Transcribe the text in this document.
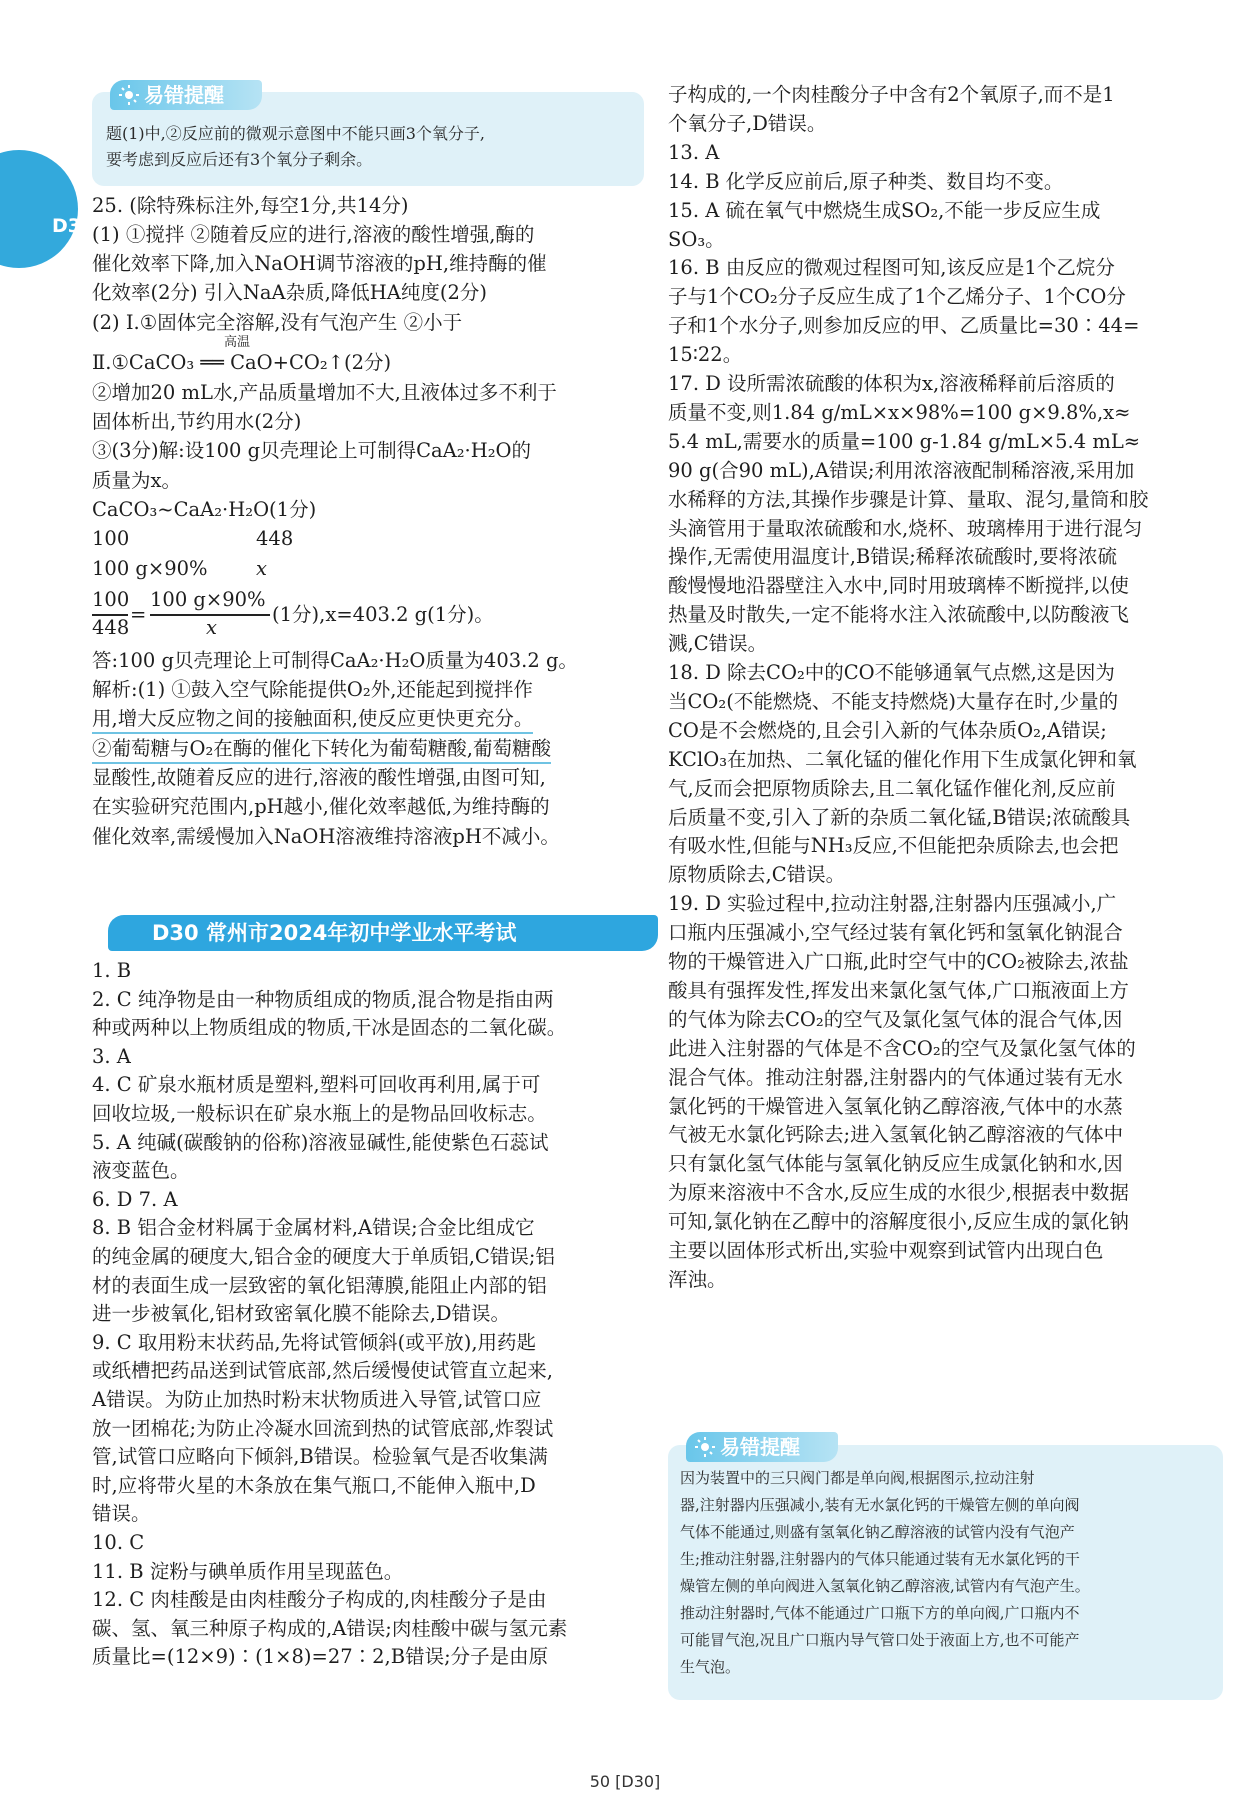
易错提醒
题(1)中,②反应前的微观示意图中不能只画3个氧分子,
要考虑到反应后还有3个氧分子剩余。
D30
25. (除特殊标注外,每空1分,共14分)
(1) ①搅拌 ②随着反应的进行,溶液的酸性增强,酶的
催化效率下降,加入NaOH调节溶液的pH,维持酶的催
化效率(2分) 引入NaA杂质,降低HA纯度(2分)
(2) Ⅰ.①固体完全溶解,没有气泡产生 ②小于
高温
Ⅱ.①CaCO₃ ══ CaO+CO₂↑(2分)
②增加20 mL水,产品质量增加不大,且液体过多不利于
固体析出,节约用水(2分)
③(3分)解:设100 g贝壳理论上可制得CaA₂·H₂O的
质量为x。
CaCO₃~CaA₂·H₂O(1分)
100	448
100 g×90% x
100
448
=
100 g×90%
x
(1分),x=403.2 g(1分)。
答:100 g贝壳理论上可制得CaA₂·H₂O质量为403.2 g。
解析:(1) ①鼓入空气除能提供O₂外,还能起到搅拌作
用,增大反应物之间的接触面积,使反应更快更充分。
②葡萄糖与O₂在酶的催化下转化为葡萄糖酸,葡萄糖酸
显酸性,故随着反应的进行,溶液的酸性增强,由图可知,
在实验研究范围内,pH越小,催化效率越低,为维持酶的
催化效率,需缓慢加入NaOH溶液维持溶液pH不减小。
D30 常州市2024年初中学业水平考试
1. B
2. C 纯净物是由一种物质组成的物质,混合物是指由两
种或两种以上物质组成的物质,干冰是固态的二氧化碳。
3. A
4. C 矿泉水瓶材质是塑料,塑料可回收再利用,属于可
回收垃圾,一般标识在矿泉水瓶上的是物品回收标志。
5. A 纯碱(碳酸钠的俗称)溶液显碱性,能使紫色石蕊试
液变蓝色。
6. D 7. A
8. B 铝合金材料属于金属材料,A错误;合金比组成它
的纯金属的硬度大,铝合金的硬度大于单质铝,C错误;铝
材的表面生成一层致密的氧化铝薄膜,能阻止内部的铝
进一步被氧化,铝材致密氧化膜不能除去,D错误。
9. C 取用粉末状药品,先将试管倾斜(或平放),用药匙
或纸槽把药品送到试管底部,然后缓慢使试管直立起来,
A错误。为防止加热时粉末状物质进入导管,试管口应
放一团棉花;为防止冷凝水回流到热的试管底部,炸裂试
管,试管口应略向下倾斜,B错误。检验氧气是否收集满
时,应将带火星的木条放在集气瓶口,不能伸入瓶中,D
错误。
10. C
11. B 淀粉与碘单质作用呈现蓝色。
12. C 肉桂酸是由肉桂酸分子构成的,肉桂酸分子是由
碳、氢、氧三种原子构成的,A错误;肉桂酸中碳与氢元素
质量比=(12×9)∶(1×8)=27∶2,B错误;分子是由原
子构成的,一个肉桂酸分子中含有2个氧原子,而不是1
个氧分子,D错误。
13. A
14. B 化学反应前后,原子种类、数目均不变。
15. A 硫在氧气中燃烧生成SO₂,不能一步反应生成
SO₃。
16. B 由反应的微观过程图可知,该反应是1个乙烷分
子与1个CO₂分子反应生成了1个乙烯分子、1个CO分
子和1个水分子,则参加反应的甲、乙质量比=30∶44=
15∶22。
17. D 设所需浓硫酸的体积为x,溶液稀释前后溶质的
质量不变,则1.84 g/mL×x×98%=100 g×9.8%,x≈
5.4 mL,需要水的质量=100 g-1.84 g/mL×5.4 mL≈
90 g(合90 mL),A错误;利用浓溶液配制稀溶液,采用加
水稀释的方法,其操作步骤是计算、量取、混匀,量筒和胶
头滴管用于量取浓硫酸和水,烧杯、玻璃棒用于进行混匀
操作,无需使用温度计,B错误;稀释浓硫酸时,要将浓硫
酸慢慢地沿器壁注入水中,同时用玻璃棒不断搅拌,以使
热量及时散失,一定不能将水注入浓硫酸中,以防酸液飞
溅,C错误。
18. D 除去CO₂中的CO不能够通氧气点燃,这是因为
当CO₂(不能燃烧、不能支持燃烧)大量存在时,少量的
CO是不会燃烧的,且会引入新的气体杂质O₂,A错误;
KClO₃在加热、二氧化锰的催化作用下生成氯化钾和氧
气,反而会把原物质除去,且二氧化锰作催化剂,反应前
后质量不变,引入了新的杂质二氧化锰,B错误;浓硫酸具
有吸水性,但能与NH₃反应,不但能把杂质除去,也会把
原物质除去,C错误。
19. D 实验过程中,拉动注射器,注射器内压强减小,广
口瓶内压强减小,空气经过装有氧化钙和氢氧化钠混合
物的干燥管进入广口瓶,此时空气中的CO₂被除去,浓盐
酸具有强挥发性,挥发出来氯化氢气体,广口瓶液面上方
的气体为除去CO₂的空气及氯化氢气体的混合气体,因
此进入注射器的气体是不含CO₂的空气及氯化氢气体的
混合气体。推动注射器,注射器内的气体通过装有无水
氯化钙的干燥管进入氢氧化钠乙醇溶液,气体中的水蒸
气被无水氯化钙除去;进入氢氧化钠乙醇溶液的气体中
只有氯化氢气体能与氢氧化钠反应生成氯化钠和水,因
为原来溶液中不含水,反应生成的水很少,根据表中数据
可知,氯化钠在乙醇中的溶解度很小,反应生成的氯化钠
主要以固体形式析出,实验中观察到试管内出现白色
浑浊。
易错提醒
因为装置中的三只阀门都是单向阀,根据图示,拉动注射
器,注射器内压强减小,装有无水氯化钙的干燥管左侧的单向阀
气体不能通过,则盛有氢氧化钠乙醇溶液的试管内没有气泡产
生;推动注射器,注射器内的气体只能通过装有无水氯化钙的干
燥管左侧的单向阀进入氢氧化钠乙醇溶液,试管内有气泡产生。
推动注射器时,气体不能通过广口瓶下方的单向阀,广口瓶内不
可能冒气泡,况且广口瓶内导气管口处于液面上方,也不可能产
生气泡。
50 [D30]
